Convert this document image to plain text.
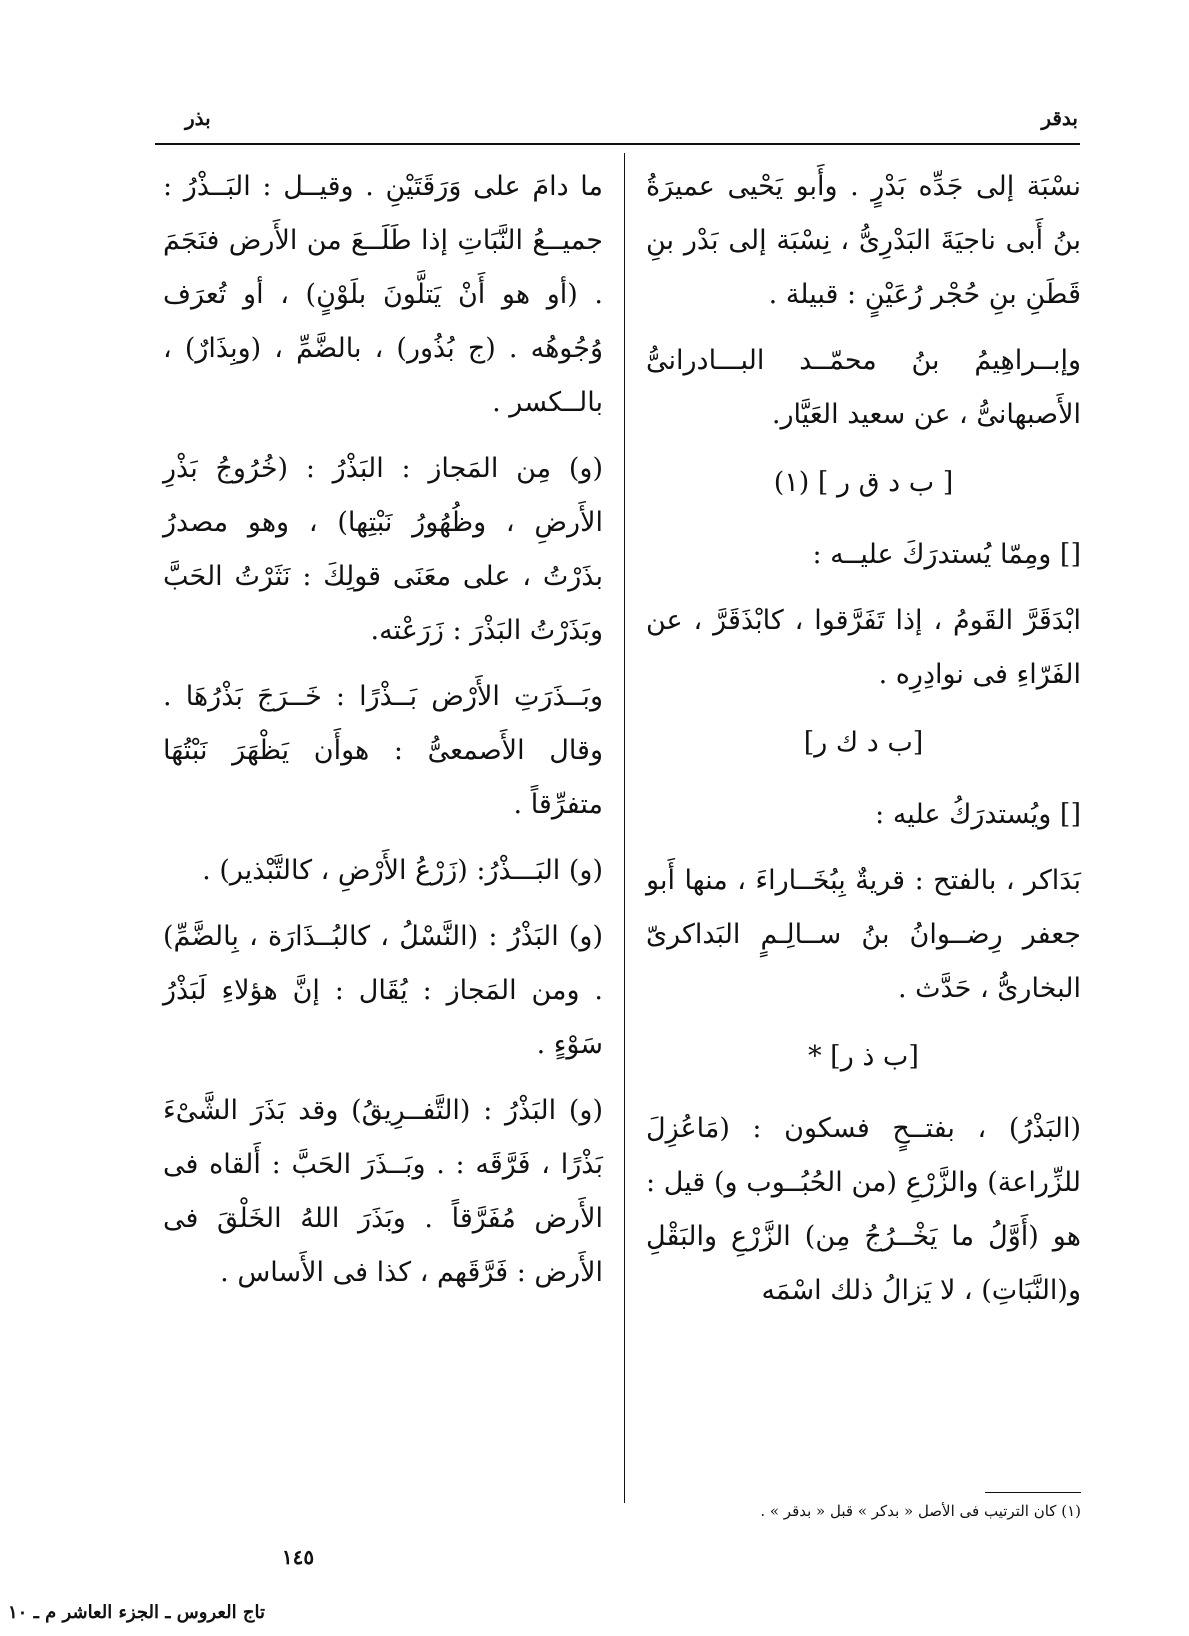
بدقر
بذر

نسْبَة إلى جَدِّه بَدْرٍ . وأَبو يَحْيى عميرَةُ بنُ أَبى ناجيَةَ البَدْرِىُّ ، نِسْبَة إلى بَدْر بنِ قَطَنِ بنِ حُجْر رُعَيْنٍ : قبيلة .

وإبــراهِيمُ بنُ محمّــد البـــادرانىُّ الأَصبهانىُّ ، عن سعيد العَيَّار.

[ ب د ق ر ] (١)

[] ومِمّا يُستدرَكَ عليــه :

ابْدَقَرَّ القَومُ ، إذا تَفَرَّقوا ، كابْذَقَرَّ ، عن الفَرّاءِ فى نوادِرِه .

[ب د ك ر]

[] ويُستدرَكُ عليه :

بَدَاكر ، بالفتح : قريةٌ بِبُخَــاراءَ ، منها أَبو جعفر رِضــوانُ بنُ ســالِـمٍ البَداكرىّ البخارىُّ ، حَدَّث .

[ب ذ ر] *

(البَذْرُ) ، بفتــحٍ فسكون : (مَاعُزِلَ للزِّراعة) والزَّرْعِ (من الحُبُــوب و) قيل : هو (أَوَّلُ ما يَخْــرُجُ مِن) الزَّرْعِ والبَقْلِ و(النَّبَاتِ) ، لا يَزالُ ذلك اسْمَه

ما دامَ على وَرَقَتَيْنِ . وقيــل : البَــذْرُ : جميــعُ النَّبَاتِ إذا طَلَــعَ من الأَرض فنَجَمَ . (أو هو أَنْ يَتلَّونَ بلَوْنٍ) ، أو تُعرَف وُجُوهُه . (ج بُذُور) ، بالضَّمِّ ، (وبِذَارٌ) ، بالــكسر .

(و) مِن المَجاز : البَذْرُ : (خُرُوجُ بَذْرِ الأَرضِ ، وظُهُورُ نَبْتِها) ، وهو مصدرُ بذَرْتُ ، على معَنَى قولِكَ : نَثَرْتُ الحَبَّ وبَذَرْتُ البَذْرَ : زَرَعْته.

وبَــذَرَتِ الأَرْض بَــذْرًا : خَــرَجَ بَذْرُهَا . وقال الأَصمعىُّ : هوأَن يَظْهَرَ نَبْتُهَا متفرِّقاً .

(و) البَـــذْرُ: (زَرْعُ الأَرْضِ ، كالتَّبْذير) .

(و) البَذْرُ : (النَّسْلُ ، كالبُــذَارَة ، بِالضَّمِّ) . ومن المَجاز : يُقَال : إنَّ هؤلاءِ لَبَذْرُ سَوْءٍ .

(و) البَذْرُ : (التَّفــرِيقُ) وقد بَذَرَ الشَّىْءَ بَذْرًا ، فَرَّقَه : . وبَــذَرَ الحَبَّ : أَلقاه فى الأَرض مُفَرَّقاً . وبَذَرَ اللهُ الخَلْقَ فى الأَرض : فَرَّقَهم ، كذا فى الأَساس .

(١) كان الترتيب فى الأصل « بدكر » قبل « بدقر » .
١٤٥
تاج العروس ـ الجزء العاشر م ـ ١٠
